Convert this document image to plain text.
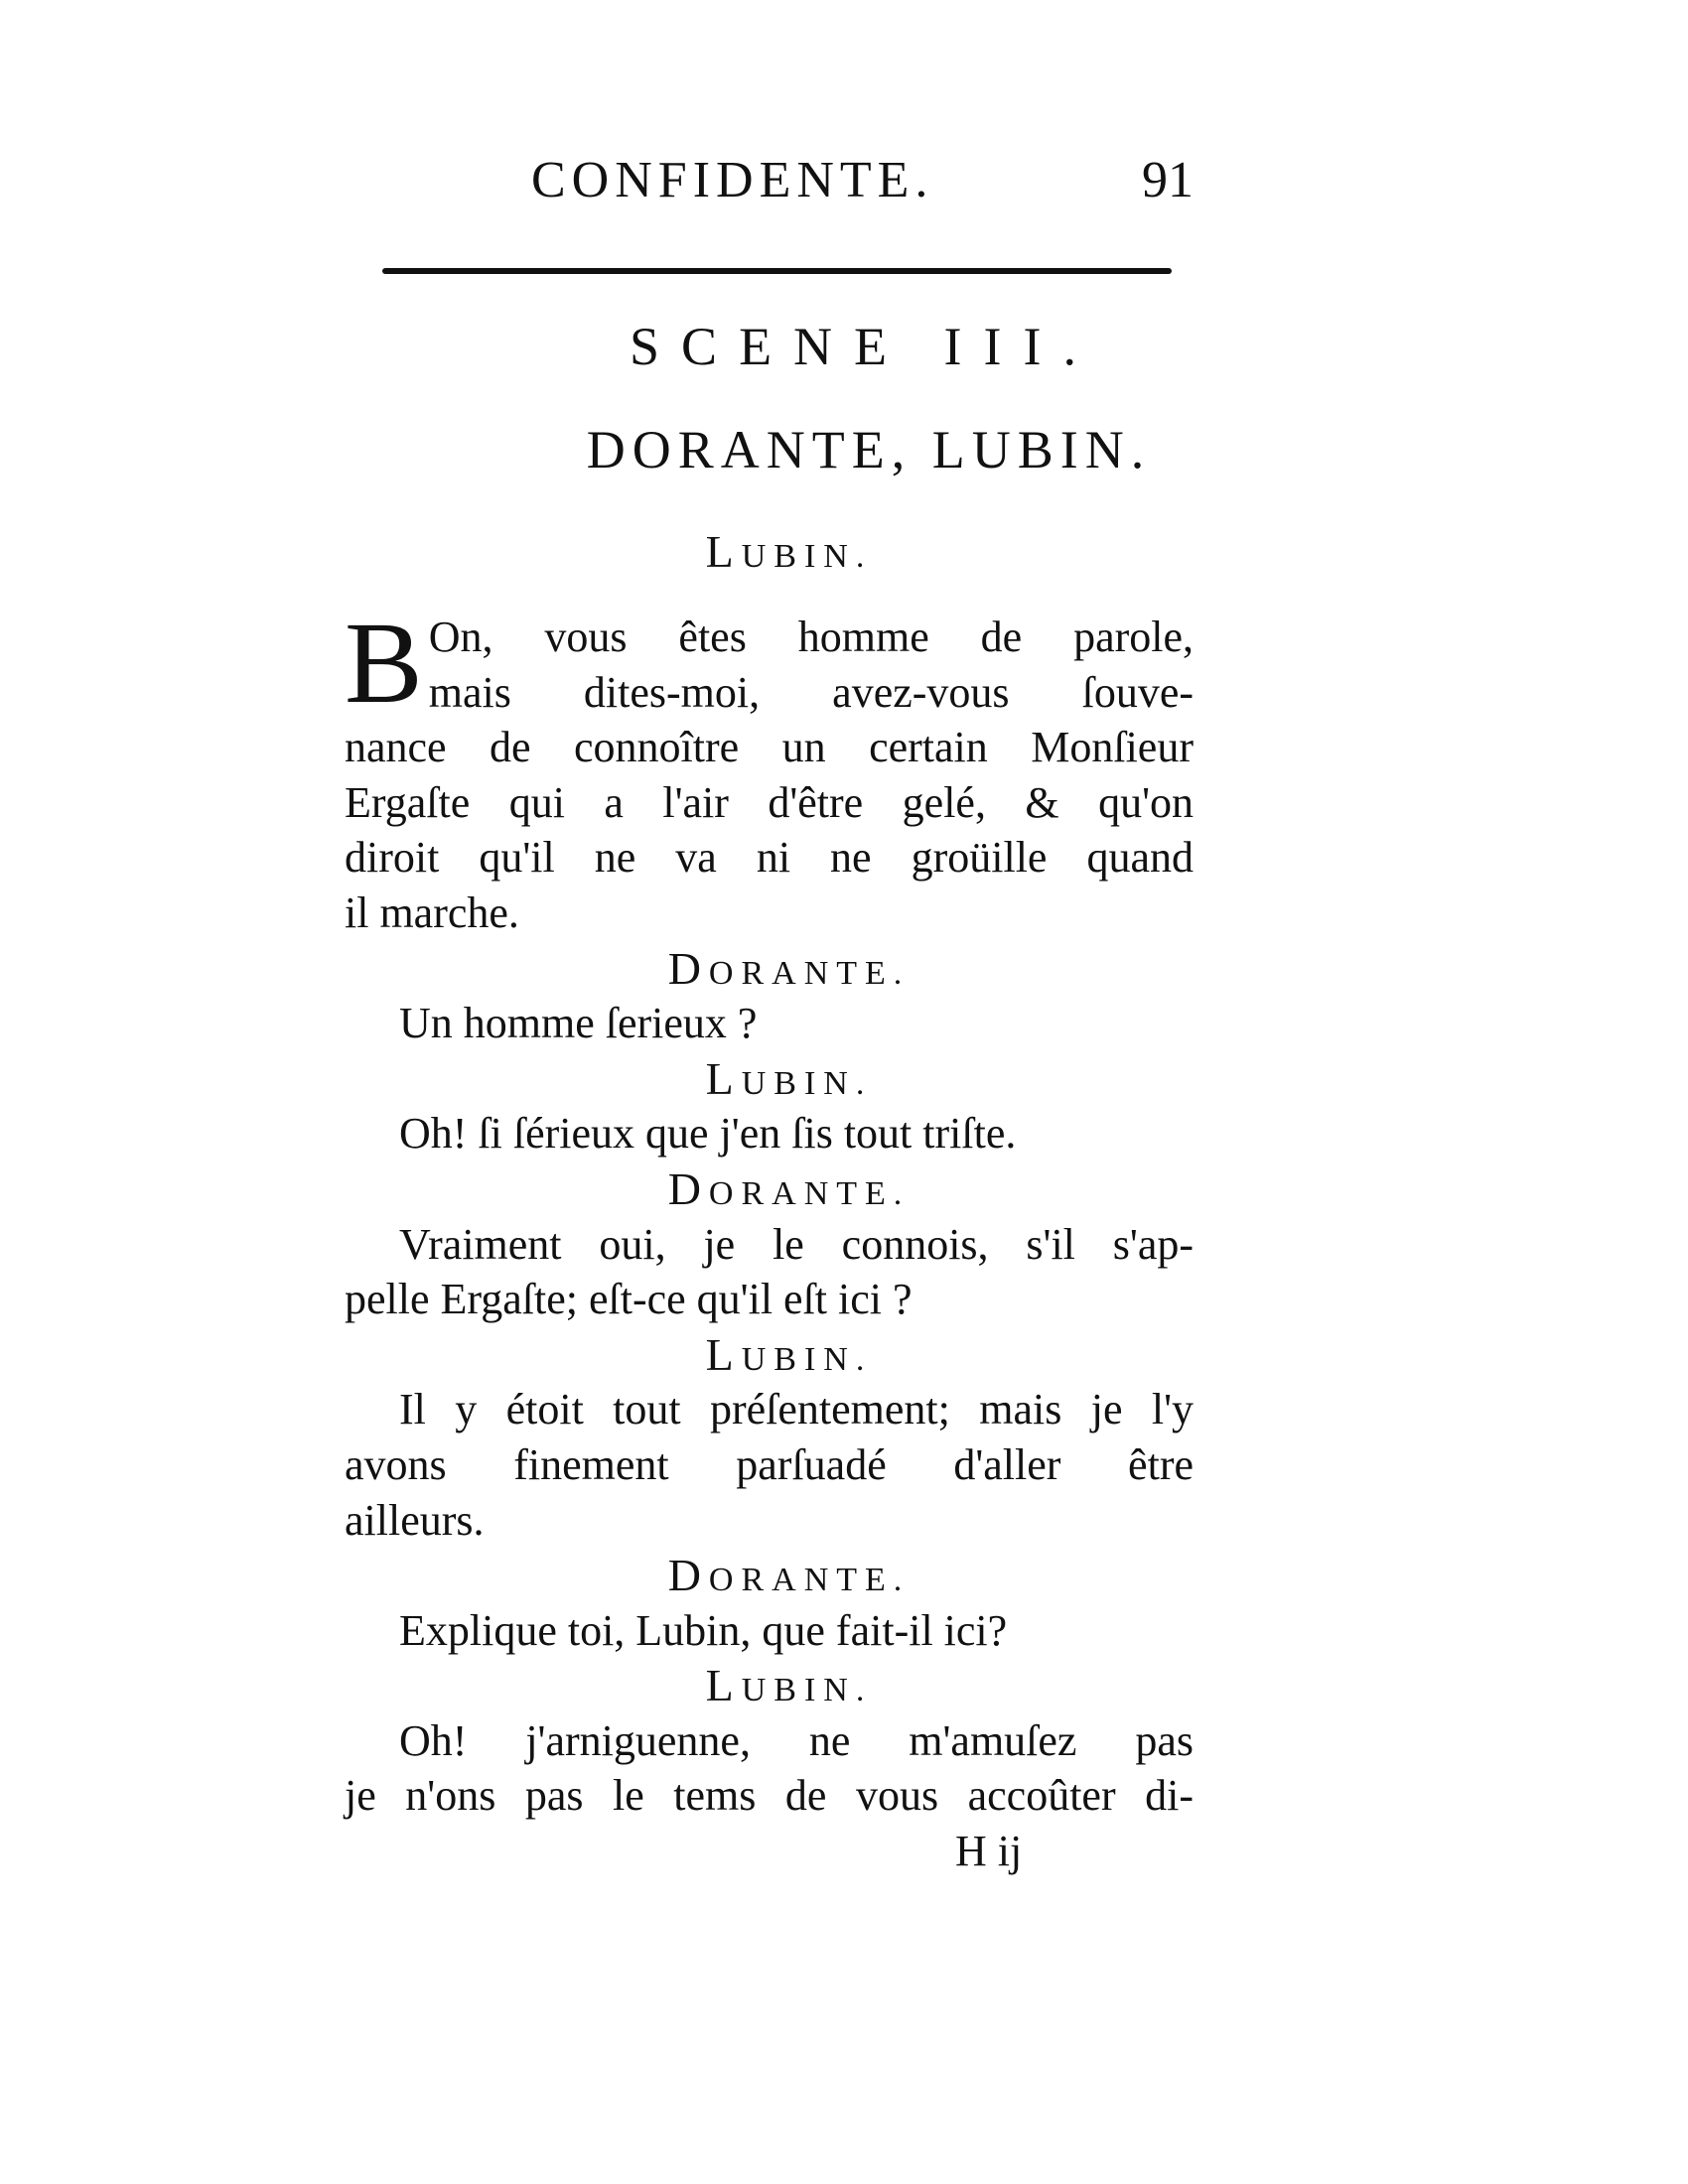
CONFIDENTE.	91
SCENE III.
DORANTE, LUBIN.
LUBIN.
B On, vous êtes homme de parole,
mais dites-moi, avez-vous ſouve-
nance de connoître un certain Monſieur
Ergaſte qui a l'air d'être gelé, & qu'on
diroit qu'il ne va ni ne groüille quand
il marche.
DORANTE.
Un homme ſerieux ?
LUBIN.
Oh! ſi ſérieux que j'en ſis tout triſte.
DORANTE.
Vraiment oui, je le connois, s'il s'ap-
pelle Ergaſte; eſt-ce qu'il eſt ici ?
LUBIN.
Il y étoit tout préſentement; mais je l'y
avons finement parſuadé d'aller être
ailleurs.
DORANTE.
Explique toi, Lubin, que fait-il ici?
LUBIN.
Oh! j'arniguenne, ne m'amuſez pas
je n'ons pas le tems de vous accoûter di-
H ij
